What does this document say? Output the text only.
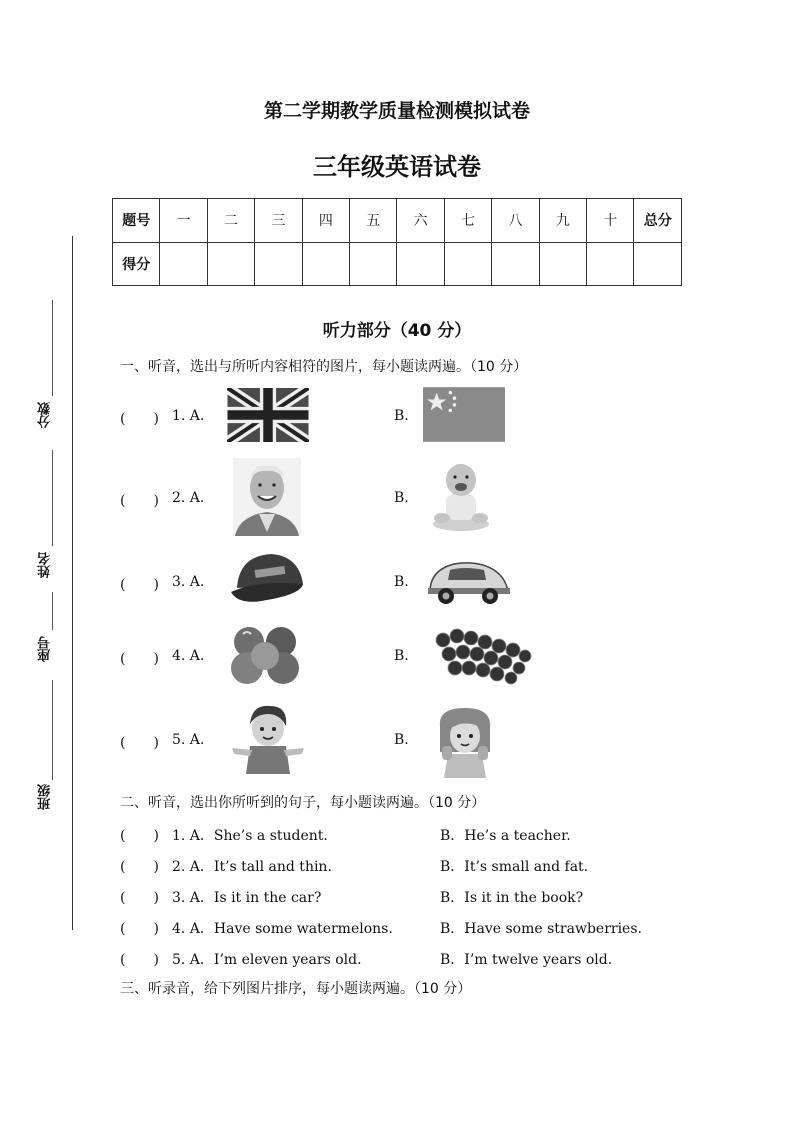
第二学期教学质量检测模拟试卷
三年级英语试卷
题号	一	二	三	四	五	六	七	八	九	十	总分
得分											
分数
姓名
座号
班级
听力部分（40 分）
一、听音，选出与所听内容相符的图片，每小题读两遍。（10 分）
(　　) 1. A.	B.
(　　) 2. A.	B.
(　　) 3. A.	B.
(　　) 4. A.	B.
(　　) 5. A.	B.
二、听音，选出你所听到的句子，每小题读两遍。（10 分）
(　　) 1. A．She’s a student.	B．He’s a teacher.
(　　) 2. A．It’s tall and thin.	B．It’s small and fat.
(　　) 3. A．Is it in the car?	B．Is it in the book?
(　　) 4. A．Have some watermelons.	B．Have some strawberries.
(　　) 5. A．I’m eleven years old.	B．I’m twelve years old.
三、听录音，给下列图片排序，每小题读两遍。（10 分）
